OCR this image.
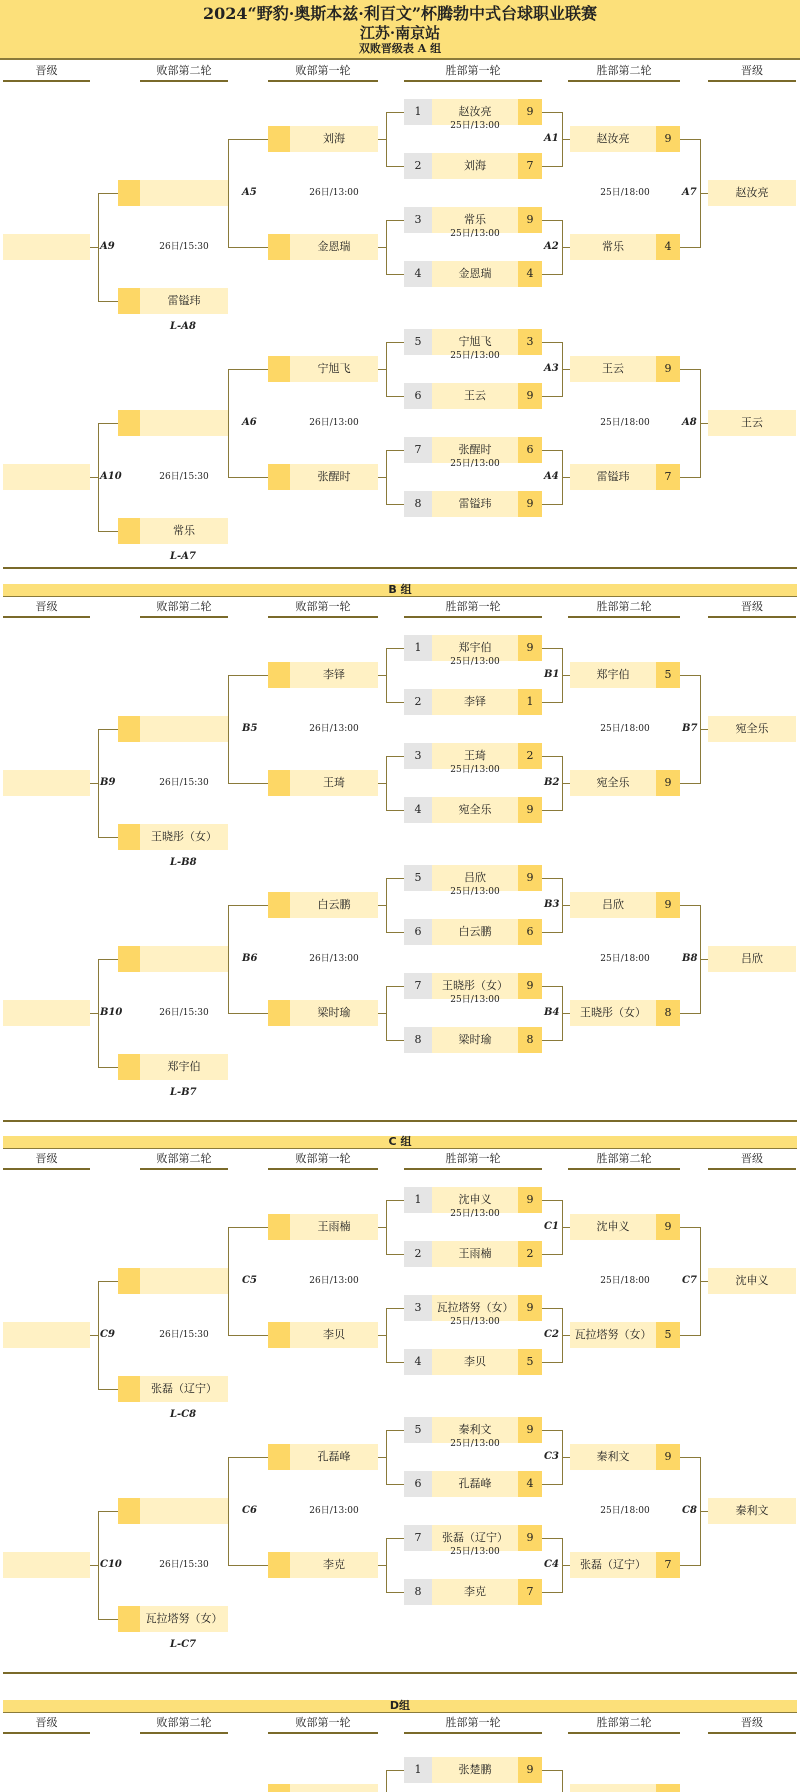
2024“野豹·奥斯本兹·利百文”杯腾勃中式台球职业联赛
江苏·南京站
双败晋级表 A 组
晋级	败部第二轮	败部第一轮	胜部第一轮	胜部第二轮	晋级
1	赵汝亮	9
2	刘海	7
3	常乐	9
4	金恩瑞	4
25日/13:00
A1
25日/13:00
A2
赵汝亮	9
常乐	4
A7
25日/18:00	赵汝亮
刘海
金恩瑞
A5	26日/13:00
雷镒玮
A9	26日/15:30
L-A8
5	宁旭飞	3
6	王云	9
7	张醒时	6
8	雷镒玮	9
25日/13:00
A3
25日/13:00
A4
王云	9
雷镒玮	7
A8
25日/18:00	王云
宁旭飞
张醒时
A6	26日/13:00
常乐
A10	26日/15:30
L-A7
B 组
晋级	败部第二轮	败部第一轮	胜部第一轮	胜部第二轮	晋级
1	郑宇伯	9
2	李铎	1
3	王琦	2
4	宛全乐	9
25日/13:00
B1
25日/13:00
B2
郑宇伯	5
宛全乐	9
B7
25日/18:00	宛全乐
李铎
王琦
B5	26日/13:00
王晓彤（女）
B9	26日/15:30
L-B8
5	吕欣	9
6	白云鹏	6
7	王晓彤（女）	9
8	梁时瑜	8
25日/13:00
B3
25日/13:00
B4
吕欣	9
王晓彤（女）	8
B8
25日/18:00	吕欣
白云鹏
梁时瑜
B6	26日/13:00
郑宇伯
B10	26日/15:30
L-B7
C 组
晋级	败部第二轮	败部第一轮	胜部第一轮	胜部第二轮	晋级
1	沈申义	9
2	王雨楠	2
3	瓦拉塔努（女）	9
4	李贝	5
25日/13:00
C1
25日/13:00
C2
沈申义	9
瓦拉塔努（女）	5
C7
25日/18:00	沈申义
王雨楠
李贝
C5	26日/13:00
张磊（辽宁）
C9	26日/15:30
L-C8
5	秦利文	9
6	孔磊峰	4
7	张磊（辽宁）	9
8	李克	7
25日/13:00
C3
25日/13:00
C4
秦利文	9
张磊（辽宁）	7
C8
25日/18:00	秦利文
孔磊峰
李克
C6	26日/13:00
瓦拉塔努（女）
C10	26日/15:30
L-C7
D组
晋级	败部第二轮	败部第一轮	胜部第一轮	胜部第二轮	晋级
1	张楚鹏	9
